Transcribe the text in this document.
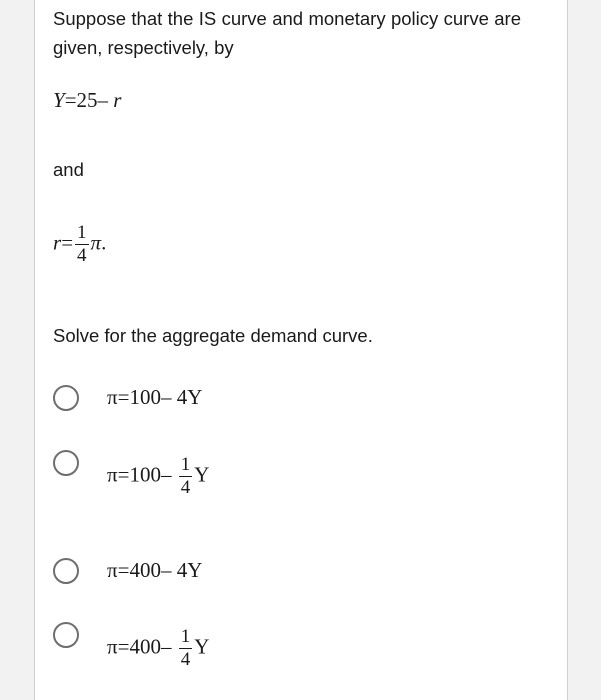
Suppose that the IS curve and monetary policy curve are given, respectively, by
Y=25– r
and
$r= \frac{1}{4} \pi$.
Solve for the aggregate demand curve.
π=100– 4Y
$\pi=100- \frac{1}{4}$ Y
π=400– 4Y
$\pi=400- \frac{1}{4}$ Y
